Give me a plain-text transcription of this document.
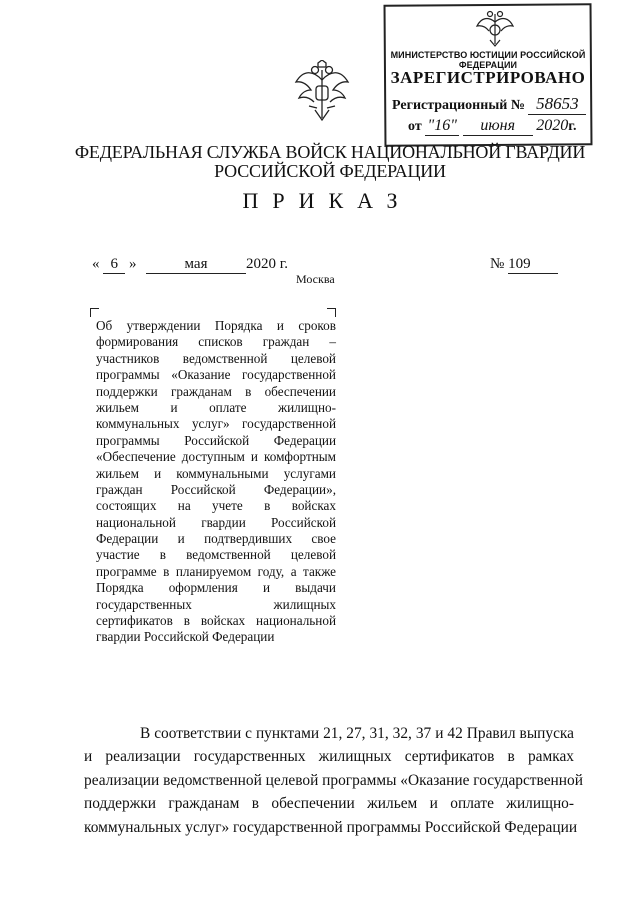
МИНИСТЕРСТВО ЮСТИЦИИ РОССИЙСКОЙ ФЕДЕРАЦИИ
ЗАРЕГИСТРИРОВАНО
Регистрационный № 58653
от "16" июня 2020г.
ФЕДЕРАЛЬНАЯ СЛУЖБА ВОЙСК НАЦИОНАЛЬНОЙ ГВАРДИИ
РОССИЙСКОЙ ФЕДЕРАЦИИ
ПРИКАЗ
« 6 »	мая	2020 г.	№ 109
Москва
Об утверждении Порядка и сроков
формирования списков граждан –
участников ведомственной целевой
программы «Оказание государственной
поддержки гражданам в обеспечении
жильем и оплате жилищно-
коммунальных услуг» государственной
программы Российской Федерации
«Обеспечение доступным и комфортным
жильем и коммунальными услугами
граждан Российской Федерации»,
состоящих на учете в войсках
национальной гвардии Российской
Федерации и подтвердивших свое
участие в ведомственной целевой
программе в планируемом году, а также
Порядка оформления и выдачи
государственных жилищных
сертификатов в войсках национальной
гвардии Российской Федерации
В соответствии с пунктами 21, 27, 31, 32, 37 и 42 Правил выпуска
и реализации государственных жилищных сертификатов в рамках
реализации ведомственной целевой программы «Оказание государственной
поддержки гражданам в обеспечении жильем и оплате жилищно-
коммунальных услуг» государственной программы Российской Федерации
